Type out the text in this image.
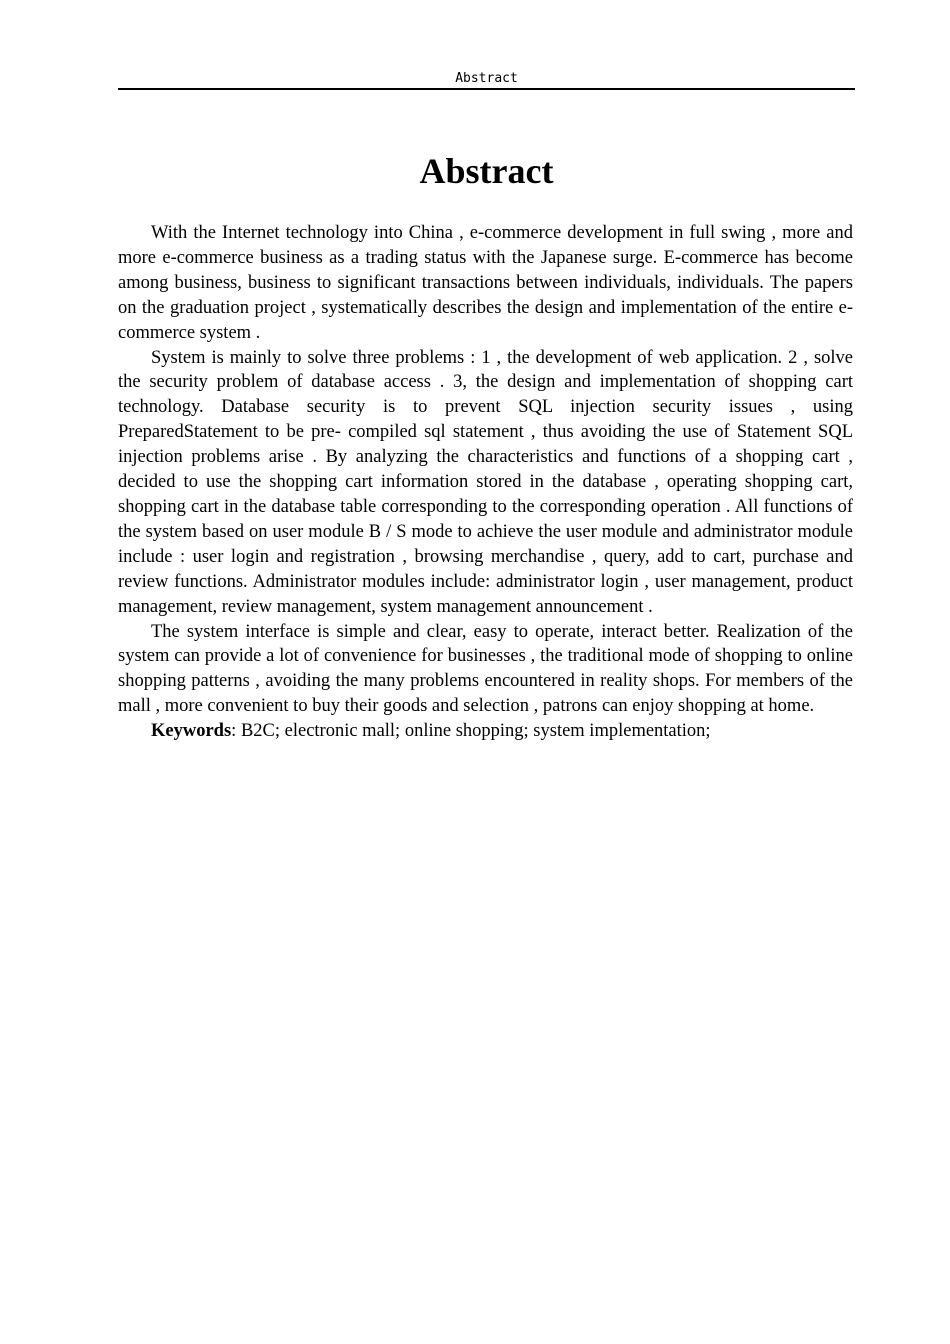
Abstract
Abstract

With the Internet technology into China , e-commerce development in full swing , more and more e-commerce business as a trading status with the Japanese surge. E-commerce has become among business, business to significant transactions between individuals, individuals. The papers on the graduation project , systematically describes the design and implementation of the entire e-commerce system .

System is mainly to solve three problems : 1 , the development of web application. 2 , solve the security problem of database access . 3, the design and implementation of shopping cart technology. Database security is to prevent SQL injection security issues , using PreparedStatement to be pre- compiled sql statement , thus avoiding the use of Statement SQL injection problems arise . By analyzing the characteristics and functions of a shopping cart , decided to use the shopping cart information stored in the database , operating shopping cart, shopping cart in the database table corresponding to the corresponding operation . All functions of the system based on user module B / S mode to achieve the user module and administrator module include : user login and registration , browsing merchandise , query, add to cart, purchase and review functions. Administrator modules include: administrator login , user management, product management, review management, system management announcement .

The system interface is simple and clear, easy to operate, interact better. Realization of the system can provide a lot of convenience for businesses , the traditional mode of shopping to online shopping patterns , avoiding the many problems encountered in reality shops. For members of the mall , more convenient to buy their goods and selection , patrons can enjoy shopping at home.

Keywords: B2C; electronic mall; online shopping; system implementation;
